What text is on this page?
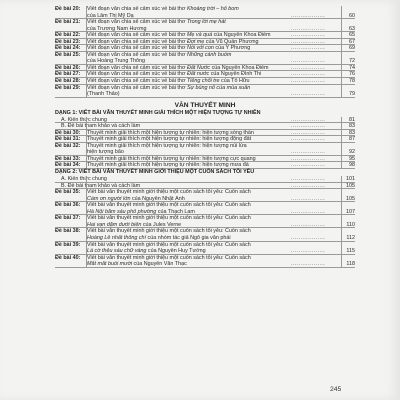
Đề bài 20: Viết đoạn văn chia sẻ cảm xúc về bài thơ Khoảng trời – hố bom
của Lâm Thị Mỹ Dạ	..................	60
Đề bài 21: Viết đoạn văn chia sẻ cảm xúc về bài thơ Trong lời mẹ hát
của Trương Nam Hương	..................	63
Đề bài 22: Viết đoạn văn chia sẻ cảm xúc về bài thơ Mẹ và quả của Nguyễn Khoa Điềm	..................	65
Đề bài 23: Viết đoạn văn chia sẻ cảm xúc về bài thơ Đợi mẹ của Vũ Quần Phương	..................	67
Đề bài 24: Viết đoạn văn chia sẻ cảm xúc về bài thơ Nói với con của Y Phương	..................	69
Đề bài 25: Viết đoạn văn chia sẻ cảm xúc về bài thơ Những cánh buồm
của Hoàng Trung Thông	..................	72
Đề bài 26: Viết đoạn văn chia sẻ cảm xúc về bài thơ Đất Nước của Nguyễn Khoa Điềm	..................	74
Đề bài 27: Viết đoạn văn chia sẻ cảm xúc về bài thơ Đất nước của Nguyễn Đình Thi	..................	76
Đề bài 28: Viết đoạn văn chia sẻ cảm xúc về bài thơ Tiếng chổi tre của Tố Hữu	..................	78
Đề bài 29: Viết đoạn văn chia sẻ cảm xúc về bài thơ Sự bùng nổ của mùa xuân
(Thanh Thảo)	..................	79
VĂN THUYẾT MINH
DẠNG 1: VIẾT BÀI VĂN THUYẾT MINH GIẢI THÍCH MỘT HIỆN TƯỢNG TỰ NHIÊN
A. Kiến thức chung	..................	81
B. Đề bài tham khảo và cách làm	..................	83
Đề bài 30: Thuyết minh giải thích một hiện tượng tự nhiên: hiện tượng sóng thần	..................	83
Đề bài 31: Thuyết minh giải thích một hiện tượng tự nhiên: hiện tượng động đất	..................	87
Đề bài 32: Thuyết minh giải thích một hiện tượng tự nhiên: hiện tượng núi lửa
hiện tượng bão	..................	92
Đề bài 33: Thuyết minh giải thích một hiện tượng tự nhiên: hiện tượng cực quang	..................	95
Đề bài 34: Thuyết minh giải thích một hiện tượng tự nhiên: hiện tượng mưa đá	..................	98
DẠNG 2: VIẾT BÀI VĂN THUYẾT MINH GIỚI THIỆU MỘT CUỐN SÁCH TÔI YÊU
A. Kiến thức chung	..................	101
B. Đề bài tham khảo và cách làm	..................	105
Đề bài 35: Viết bài văn thuyết minh giới thiệu một cuốn sách tôi yêu: Cuốn sách
Cảm ơn người lớn của Nguyễn Nhật Ánh	..................	105
Đề bài 36: Viết bài văn thuyết minh giới thiệu một cuốn sách tôi yêu: Cuốn sách
Hà Nội băm sáu phố phường của Thạch Lam	..................	107
Đề bài 37: Viết bài văn thuyết minh giới thiệu một cuốn sách tôi yêu: Cuốn sách
Hai vạn dặm dưới biển của Jules Verne	..................	110
Đề bài 38: Viết bài văn thuyết minh giới thiệu một cuốn sách tôi yêu: Cuốn sách
Hoàng Lê nhất thống chí của nhóm tác giả Ngô gia văn phái	..................	112
Đề bài 39: Viết bài văn thuyết minh giới thiệu một cuốn sách tôi yêu: Cuốn sách
Lá cờ thêu sáu chữ vàng của Nguyễn Huy Tưởng	..................	115
Đề bài 40: Viết bài văn thuyết minh giới thiệu một cuốn sách tôi yêu: Cuốn sách
Mắt mắt buồi mười của Nguyễn Văn Thạc	..................	118
245
